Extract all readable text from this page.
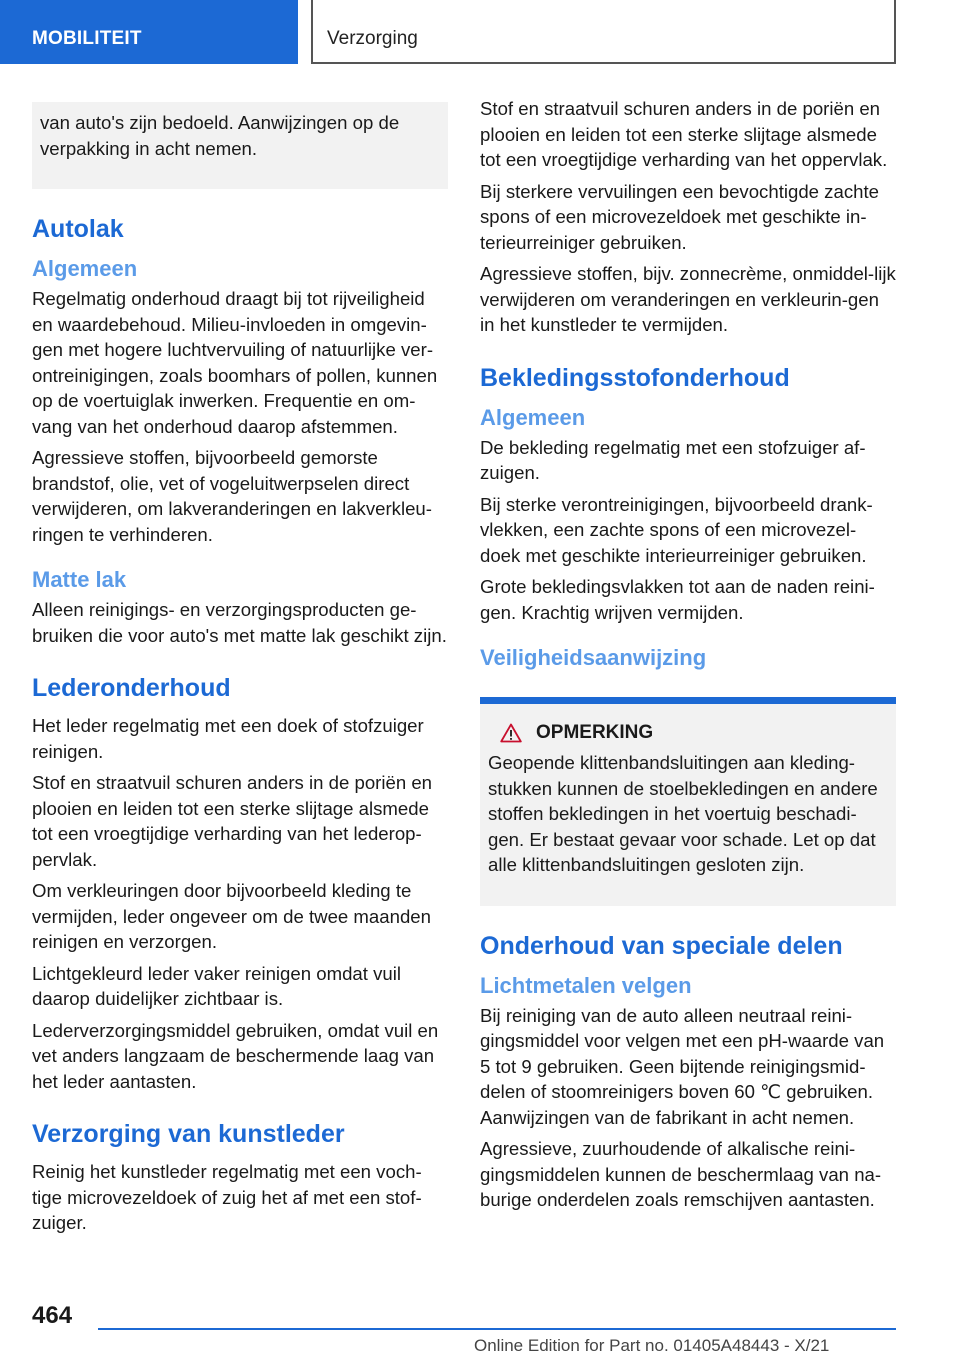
MOBILITEIT	Verzorging

van auto's zijn bedoeld. Aanwijzingen op de verpakking in acht nemen.

Autolak
Algemeen

Regelmatig onderhoud draagt bij tot rijveiligheid en waardebehoud. Milieu-invloeden in omgevin-gen met hogere luchtvervuiling of natuurlijke ver-ontreinigingen, zoals boomhars of pollen, kunnen op de voertuiglak inwerken. Frequentie en om-vang van het onderhoud daarop afstemmen.

Agressieve stoffen, bijvoorbeeld gemorste brandstof, olie, vet of vogeluitwerpselen direct verwijderen, om lakveranderingen en lakverkleu-ringen te verhinderen.

Matte lak

Alleen reinigings- en verzorgingsproducten ge-bruiken die voor auto's met matte lak geschikt zijn.

Lederonderhoud

Het leder regelmatig met een doek of stofzuiger reinigen.

Stof en straatvuil schuren anders in de poriën en plooien en leiden tot een sterke slijtage alsmede tot een vroegtijdige verharding van het lederop-pervlak.

Om verkleuringen door bijvoorbeeld kleding te vermijden, leder ongeveer om de twee maanden reinigen en verzorgen.

Lichtgekleurd leder vaker reinigen omdat vuil daarop duidelijker zichtbaar is.

Lederverzorgingsmiddel gebruiken, omdat vuil en vet anders langzaam de beschermende laag van het leder aantasten.

Verzorging van kunstleder

Reinig het kunstleder regelmatig met een voch-tige microvezeldoek of zuig het af met een stof-zuiger.

Stof en straatvuil schuren anders in de poriën en plooien en leiden tot een sterke slijtage alsmede tot een vroegtijdige verharding van het oppervlak.

Bij sterkere vervuilingen een bevochtigde zachte spons of een microvezeldoek met geschikte in-terieurreiniger gebruiken.

Agressieve stoffen, bijv. zonnecrème, onmiddel-lijk verwijderen om veranderingen en verkleurin-gen in het kunstleder te vermijden.

Bekledingsstofonderhoud
Algemeen

De bekleding regelmatig met een stofzuiger af-zuigen.

Bij sterke verontreinigingen, bijvoorbeeld drank-vlekken, een zachte spons of een microvezel-doek met geschikte interieurreiniger gebruiken.

Grote bekledingsvlakken tot aan de naden reini-gen. Krachtig wrijven vermijden.

Veiligheidsaanwijzing
OPMERKING

Geopende klittenbandsluitingen aan kleding-stukken kunnen de stoelbekledingen en andere stoffen bekledingen in het voertuig beschadi-gen. Er bestaat gevaar voor schade. Let op dat alle klittenbandsluitingen gesloten zijn.

Onderhoud van speciale delen
Lichtmetalen velgen

Bij reiniging van de auto alleen neutraal reini-gingsmiddel voor velgen met een pH-waarde van 5 tot 9 gebruiken. Geen bijtende reinigingsmid-delen of stoomreinigers boven 60 ℃ gebruiken. Aanwijzingen van de fabrikant in acht nemen.

Agressieve, zuurhoudende of alkalische reini-gingsmiddelen kunnen de beschermlaag van na-burige onderdelen zoals remschijven aantasten.

464
Online Edition for Part no. 01405A48443 - X/21
